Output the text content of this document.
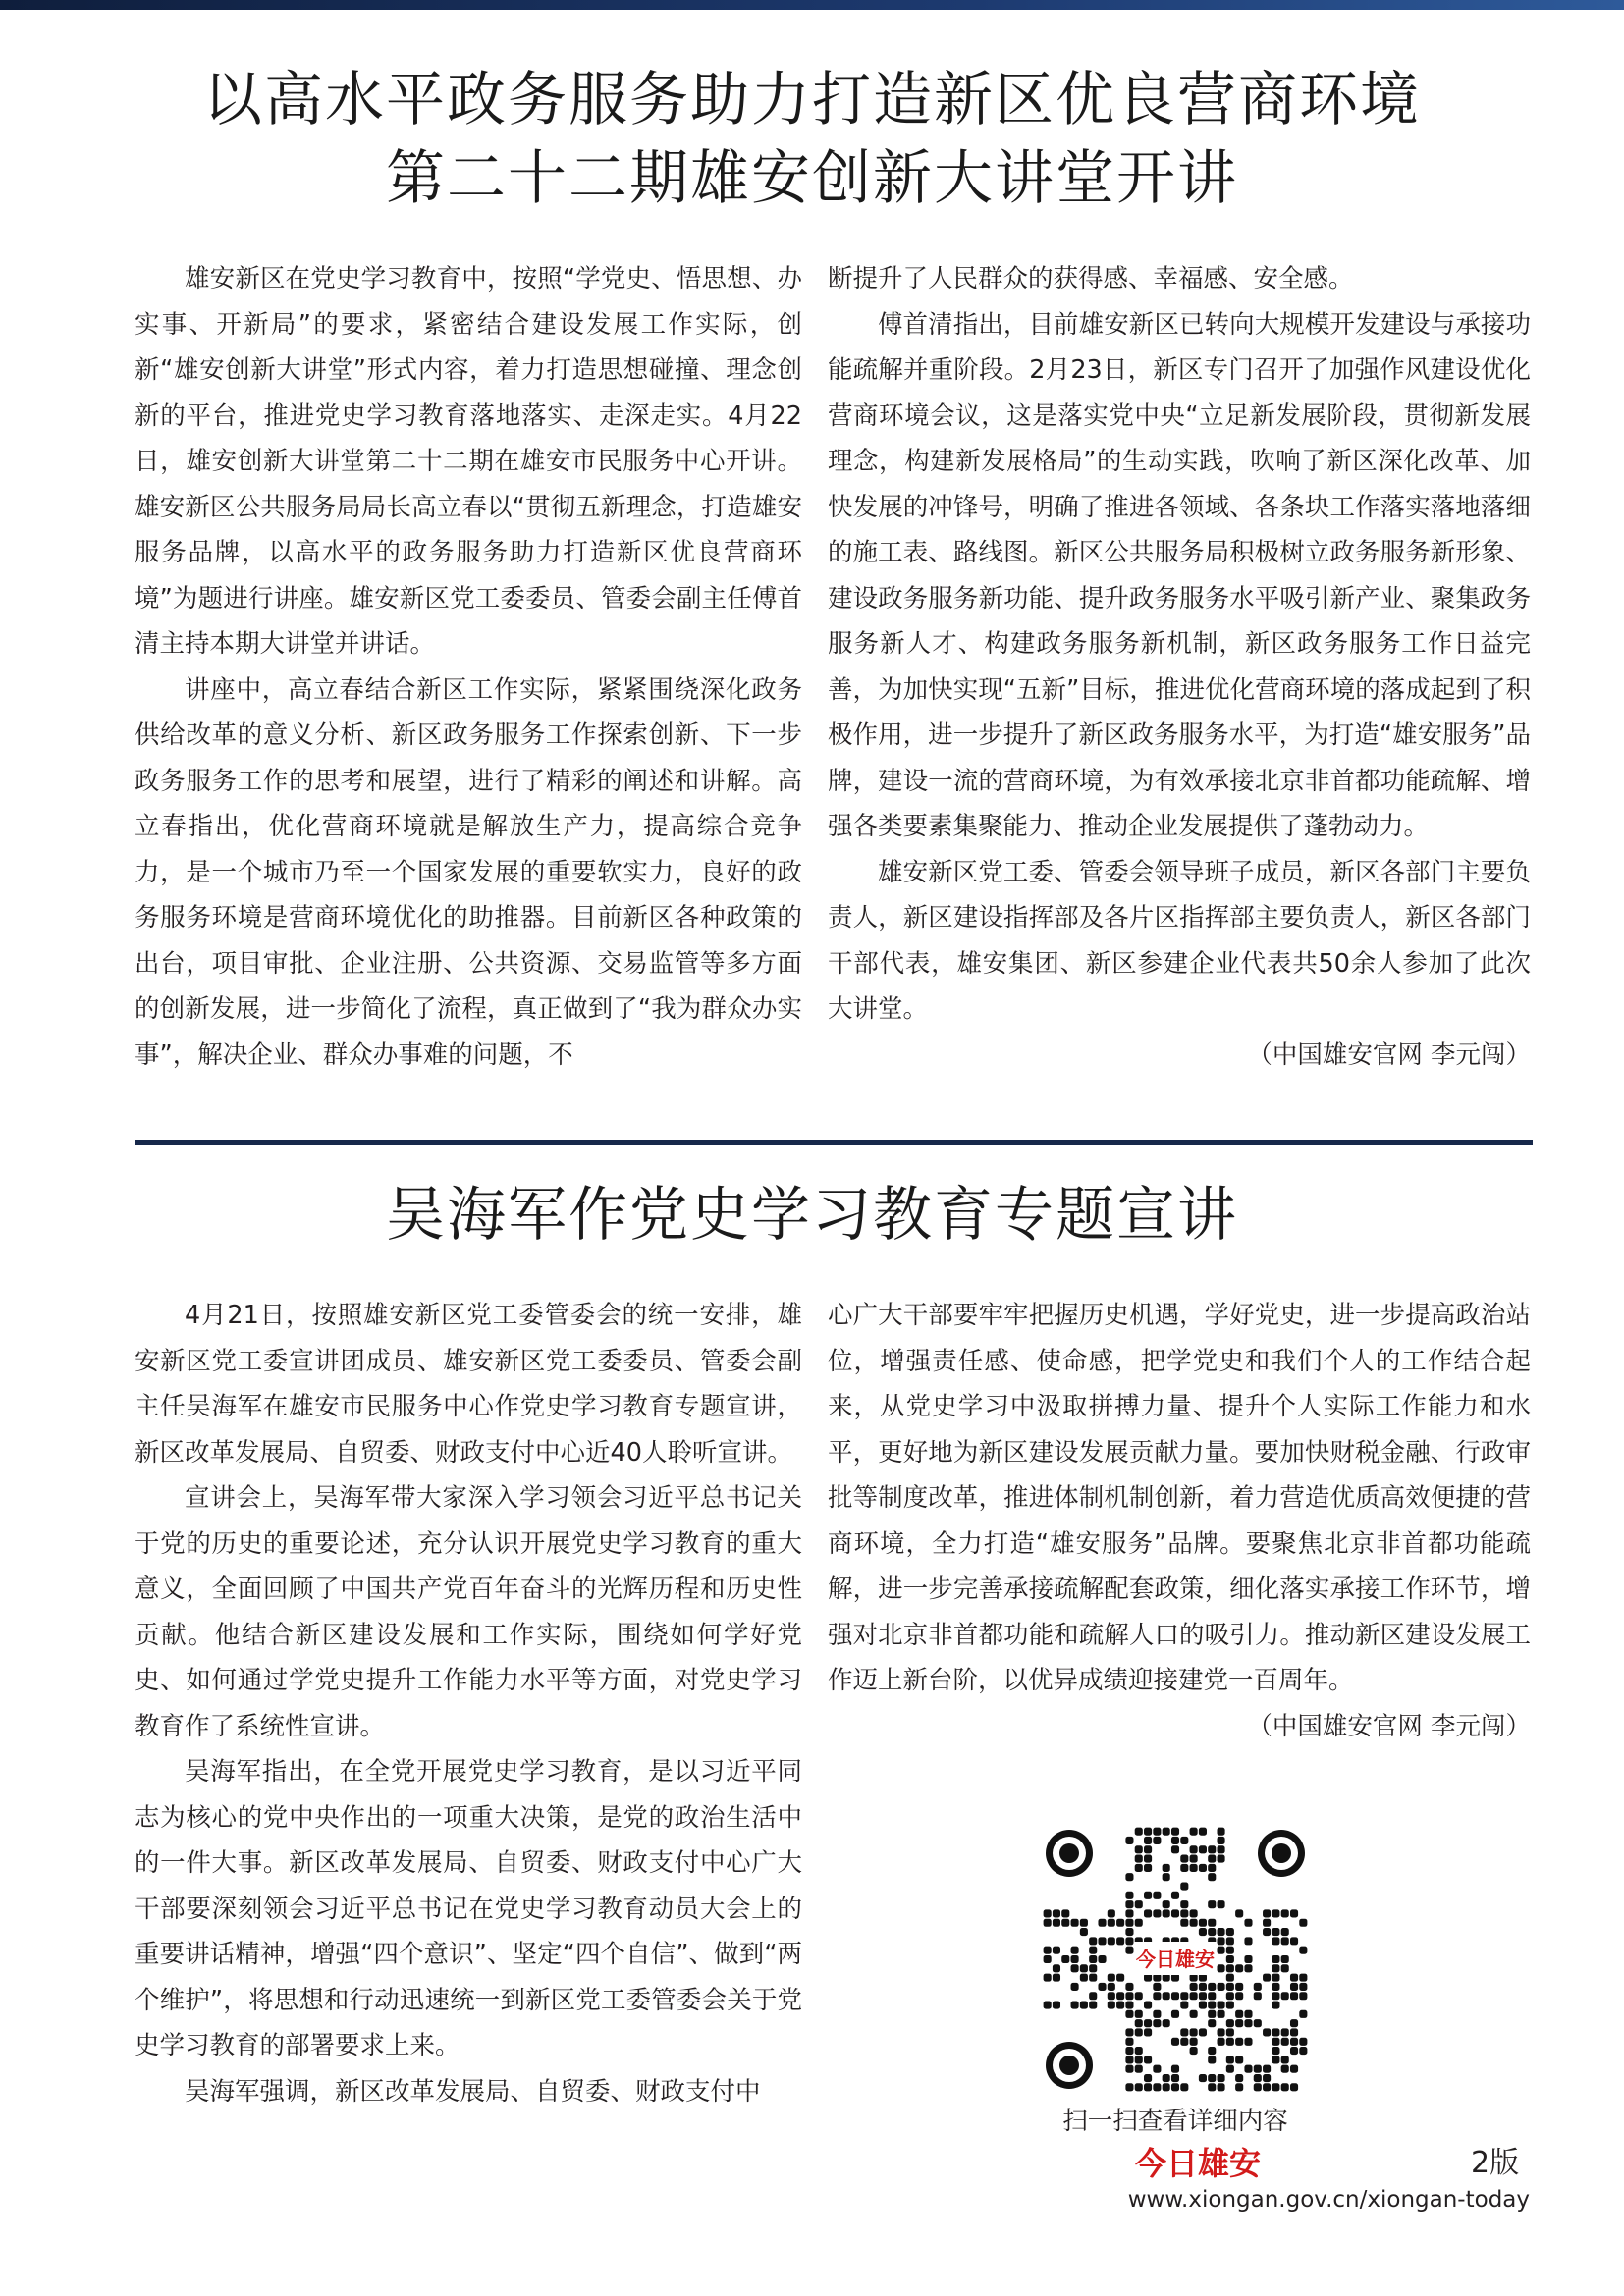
以高水平政务服务助力打造新区优良营商环境
第二十二期雄安创新大讲堂开讲

雄安新区在党史学习教育中，按照“学党史、悟思想、办实事、开新局”的要求，紧密结合建设发展工作实际，创新“雄安创新大讲堂”形式内容，着力打造思想碰撞、理念创新的平台，推进党史学习教育落地落实、走深走实。4月22日，雄安创新大讲堂第二十二期在雄安市民服务中心开讲。雄安新区公共服务局局长高立春以“贯彻五新理念，打造雄安服务品牌，以高水平的政务服务助力打造新区优良营商环境”为题进行讲座。雄安新区党工委委员、管委会副主任傅首清主持本期大讲堂并讲话。

讲座中，高立春结合新区工作实际，紧紧围绕深化政务供给改革的意义分析、新区政务服务工作探索创新、下一步政务服务工作的思考和展望，进行了精彩的阐述和讲解。高立春指出，优化营商环境就是解放生产力，提高综合竞争力，是一个城市乃至一个国家发展的重要软实力，良好的政务服务环境是营商环境优化的助推器。目前新区各种政策的出台，项目审批、企业注册、公共资源、交易监管等多方面的创新发展，进一步简化了流程，真正做到了“我为群众办实事”，解决企业、群众办事难的问题，不

断提升了人民群众的获得感、幸福感、安全感。

傅首清指出，目前雄安新区已转向大规模开发建设与承接功能疏解并重阶段。2月23日，新区专门召开了加强作风建设优化营商环境会议，这是落实党中央“立足新发展阶段，贯彻新发展理念，构建新发展格局”的生动实践，吹响了新区深化改革、加快发展的冲锋号，明确了推进各领域、各条块工作落实落地落细的施工表、路线图。新区公共服务局积极树立政务服务新形象、建设政务服务新功能、提升政务服务水平吸引新产业、聚集政务服务新人才、构建政务服务新机制，新区政务服务工作日益完善，为加快实现“五新”目标，推进优化营商环境的落成起到了积极作用，进一步提升了新区政务服务水平，为打造“雄安服务”品牌，建设一流的营商环境，为有效承接北京非首都功能疏解、增强各类要素集聚能力、推动企业发展提供了蓬勃动力。

雄安新区党工委、管委会领导班子成员，新区各部门主要负责人，新区建设指挥部及各片区指挥部主要负责人，新区各部门干部代表，雄安集团、新区参建企业代表共50余人参加了此次大讲堂。

（中国雄安官网 李元闯）

吴海军作党史学习教育专题宣讲

4月21日，按照雄安新区党工委管委会的统一安排，雄安新区党工委宣讲团成员、雄安新区党工委委员、管委会副主任吴海军在雄安市民服务中心作党史学习教育专题宣讲，新区改革发展局、自贸委、财政支付中心近40人聆听宣讲。

宣讲会上，吴海军带大家深入学习领会习近平总书记关于党的历史的重要论述，充分认识开展党史学习教育的重大意义，全面回顾了中国共产党百年奋斗的光辉历程和历史性贡献。他结合新区建设发展和工作实际，围绕如何学好党史、如何通过学党史提升工作能力水平等方面，对党史学习教育作了系统性宣讲。

吴海军指出，在全党开展党史学习教育，是以习近平同志为核心的党中央作出的一项重大决策，是党的政治生活中的一件大事。新区改革发展局、自贸委、财政支付中心广大干部要深刻领会习近平总书记在党史学习教育动员大会上的重要讲话精神，增强“四个意识”、坚定“四个自信”、做到“两个维护”，将思想和行动迅速统一到新区党工委管委会关于党史学习教育的部署要求上来。

吴海军强调，新区改革发展局、自贸委、财政支付中

心广大干部要牢牢把握历史机遇，学好党史，进一步提高政治站位，增强责任感、使命感，把学党史和我们个人的工作结合起来，从党史学习中汲取拼搏力量、提升个人实际工作能力和水平，更好地为新区建设发展贡献力量。要加快财税金融、行政审批等制度改革，推进体制机制创新，着力营造优质高效便捷的营商环境，全力打造“雄安服务”品牌。要聚焦北京非首都功能疏解，进一步完善承接疏解配套政策，细化落实承接工作环节，增强对北京非首都功能和疏解人口的吸引力。推动新区建设发展工作迈上新台阶，以优异成绩迎接建党一百周年。

（中国雄安官网 李元闯）

今日雄安
扫一扫查看详细内容
今日雄安	2版
www.xiongan.gov.cn/xiongan-today
